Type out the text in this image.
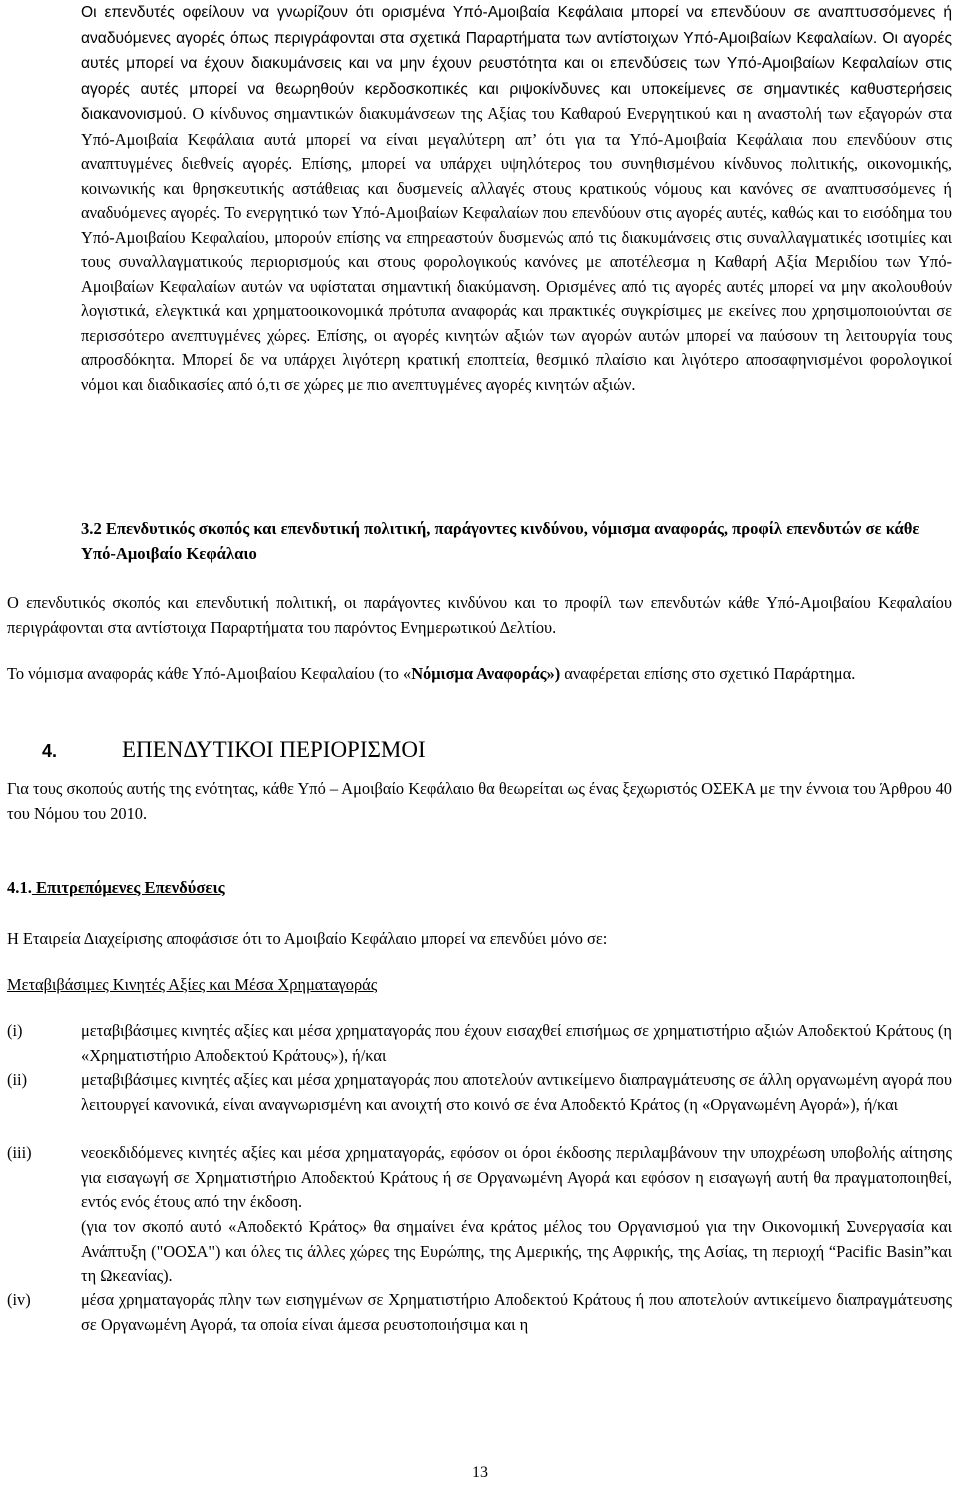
Οι επενδυτές οφείλουν να γνωρίζουν ότι ορισμένα Υπό-Αμοιβαία Κεφάλαια μπορεί να επενδύουν σε αναπτυσσόμενες ή αναδυόμενες αγορές όπως περιγράφονται στα σχετικά Παραρτήματα των αντίστοιχων Υπό-Αμοιβαίων Κεφαλαίων. Οι αγορές αυτές μπορεί να έχουν διακυμάνσεις και να μην έχουν ρευστότητα και οι επενδύσεις των Υπό-Αμοιβαίων Κεφαλαίων στις αγορές αυτές μπορεί να θεωρηθούν κερδοσκοπικές και ριψοκίνδυνες και υποκείμενες σε σημαντικές καθυστερήσεις διακανονισμού. Ο κίνδυνος σημαντικών διακυμάνσεων της Αξίας του Καθαρού Ενεργητικού και η αναστολή των εξαγορών στα Υπό-Αμοιβαία Κεφάλαια αυτά μπορεί να είναι μεγαλύτερη απ’ ότι για τα Υπό-Αμοιβαία Κεφάλαια που επενδύουν στις αναπτυγμένες διεθνείς αγορές. Επίσης, μπορεί να υπάρχει υψηλότερος του συνηθισμένου κίνδυνος πολιτικής, οικονομικής, κοινωνικής και θρησκευτικής αστάθειας και δυσμενείς αλλαγές στους κρατικούς νόμους και κανόνες σε αναπτυσσόμενες ή αναδυόμενες αγορές. Το ενεργητικό των Υπό-Αμοιβαίων Κεφαλαίων που επενδύουν στις αγορές αυτές, καθώς και το εισόδημα του Υπό-Αμοιβαίου Κεφαλαίου, μπορούν επίσης να επηρεαστούν δυσμενώς από τις διακυμάνσεις στις συναλλαγματικές ισοτιμίες και τους συναλλαγματικούς περιορισμούς και στους φορολογικούς κανόνες με αποτέλεσμα η Καθαρή Αξία Μεριδίου των Υπό-Αμοιβαίων Κεφαλαίων αυτών να υφίσταται σημαντική διακύμανση. Ορισμένες από τις αγορές αυτές μπορεί να μην ακολουθούν λογιστικά, ελεγκτικά και χρηματοοικονομικά πρότυπα αναφοράς και πρακτικές συγκρίσιμες με εκείνες που χρησιμοποιούνται σε περισσότερο ανεπτυγμένες χώρες. Επίσης, οι αγορές κινητών αξιών των αγορών αυτών μπορεί να παύσουν τη λειτουργία τους απροσδόκητα. Μπορεί δε να υπάρχει λιγότερη κρατική εποπτεία, θεσμικό πλαίσιο και λιγότερο αποσαφηνισμένοι φορολογικοί νόμοι και διαδικασίες από ό,τι σε χώρες με πιο ανεπτυγμένες αγορές κινητών αξιών.

3.2 Επενδυτικός σκοπός και επενδυτική πολιτική, παράγοντες κινδύνου, νόμισμα αναφοράς, προφίλ επενδυτών σε κάθε Υπό-Αμοιβαίο Κεφάλαιο

Ο επενδυτικός σκοπός και επενδυτική πολιτική, οι παράγοντες κινδύνου και το προφίλ των επενδυτών κάθε Υπό-Αμοιβαίου Κεφαλαίου περιγράφονται στα αντίστοιχα Παραρτήματα του παρόντος Ενημερωτικού Δελτίου.

Το νόμισμα αναφοράς κάθε Υπό-Αμοιβαίου Κεφαλαίου (το «Νόμισμα Αναφοράς») αναφέρεται επίσης στο σχετικό Παράρτημα.

4.	ΕΠΕΝΔΥΤΙΚΟΙ ΠΕΡΙΟΡΙΣΜΟΙ

Για τους σκοπούς αυτής της ενότητας, κάθε Υπό – Αμοιβαίο Κεφάλαιο θα θεωρείται ως ένας ξεχωριστός ΟΣΕΚΑ με την έννοια του Άρθρου 40 του Νόμου του 2010.

4.1. Επιτρεπόμενες Επενδύσεις

Η Εταιρεία Διαχείρισης αποφάσισε ότι το Αμοιβαίο Κεφάλαιο μπορεί να επενδύει μόνο σε:

Μεταβιβάσιμες Κινητές Αξίες και Μέσα Χρηματαγοράς

(i)	μεταβιβάσιμες κινητές αξίες και μέσα χρηματαγοράς που έχουν εισαχθεί επισήμως σε χρηματιστήριο αξιών Αποδεκτού Κράτους (η «Χρηματιστήριο Αποδεκτού Κράτους»), ή/και

(ii)	μεταβιβάσιμες κινητές αξίες και μέσα χρηματαγοράς που αποτελούν αντικείμενο διαπραγμάτευσης σε άλλη οργανωμένη αγορά που λειτουργεί κανονικά, είναι αναγνωρισμένη και ανοιχτή στο κοινό σε ένα Αποδεκτό Κράτος (η «Οργανωμένη Αγορά»), ή/και

(iii)	νεοεκδιδόμενες κινητές αξίες και μέσα χρηματαγοράς, εφόσον οι όροι έκδοσης περιλαμβάνουν την υποχρέωση υποβολής αίτησης για εισαγωγή σε Χρηματιστήριο Αποδεκτού Κράτους ή σε Οργανωμένη Αγορά και εφόσον η εισαγωγή αυτή θα πραγματοποιηθεί, εντός ενός έτους από την έκδοση.

(για τον σκοπό αυτό «Αποδεκτό Κράτος» θα σημαίνει ένα κράτος μέλος του Οργανισμού για την Οικονομική Συνεργασία και Ανάπτυξη ("ΟΟΣΑ") και όλες τις άλλες χώρες της Ευρώπης, της Αμερικής, της Αφρικής, της Ασίας, τη περιοχή “Pacific Basin”και τη Ωκεανίας).

(iv)	μέσα χρηματαγοράς πλην των εισηγμένων σε Χρηματιστήριο Αποδεκτού Κράτους ή που αποτελούν αντικείμενο διαπραγμάτευσης σε Οργανωμένη Αγορά, τα οποία είναι άμεσα ρευστοποιήσιμα και η

13
